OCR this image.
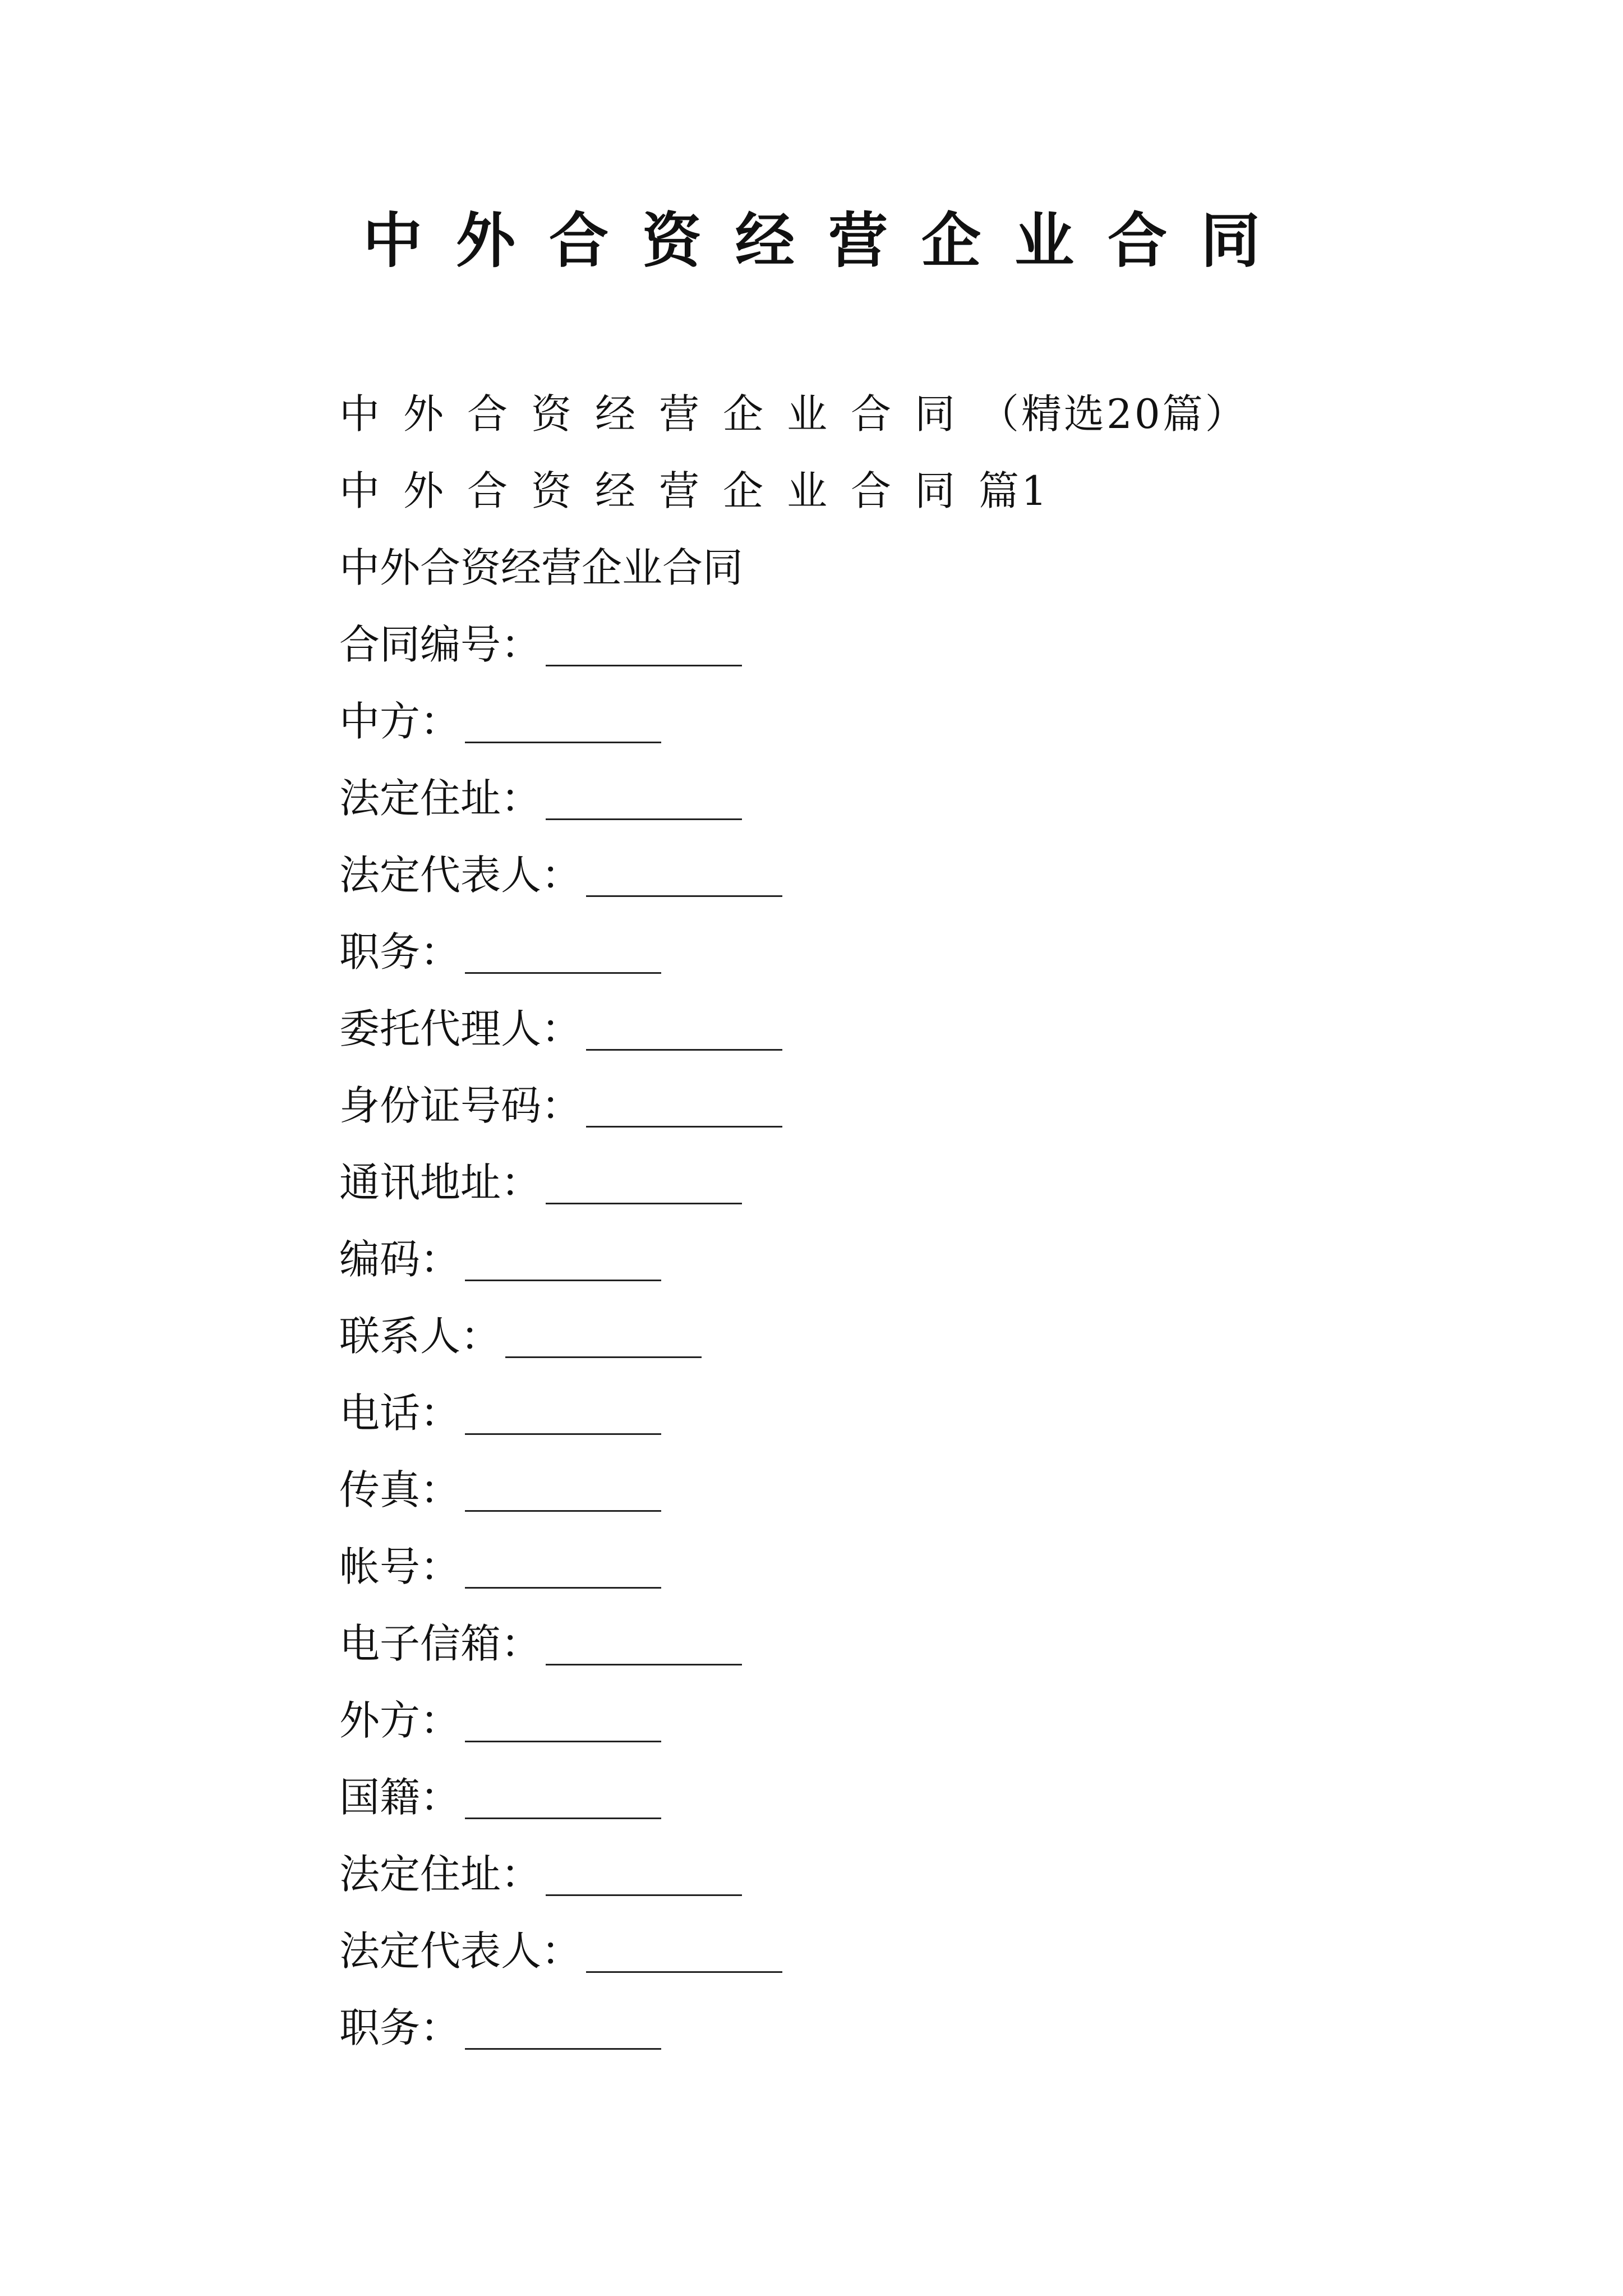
中外合资经营企业合同
中外合资经营企业合同（精选20篇）
中外合资经营企业合同篇1
中外合资经营企业合同
合同编号：
中方：
法定住址：
法定代表人：
职务：
委托代理人：
身份证号码：
通讯地址：
编码：
联系人：
电话：
传真：
帐号：
电子信箱：
外方：
国籍：
法定住址：
法定代表人：
职务：
